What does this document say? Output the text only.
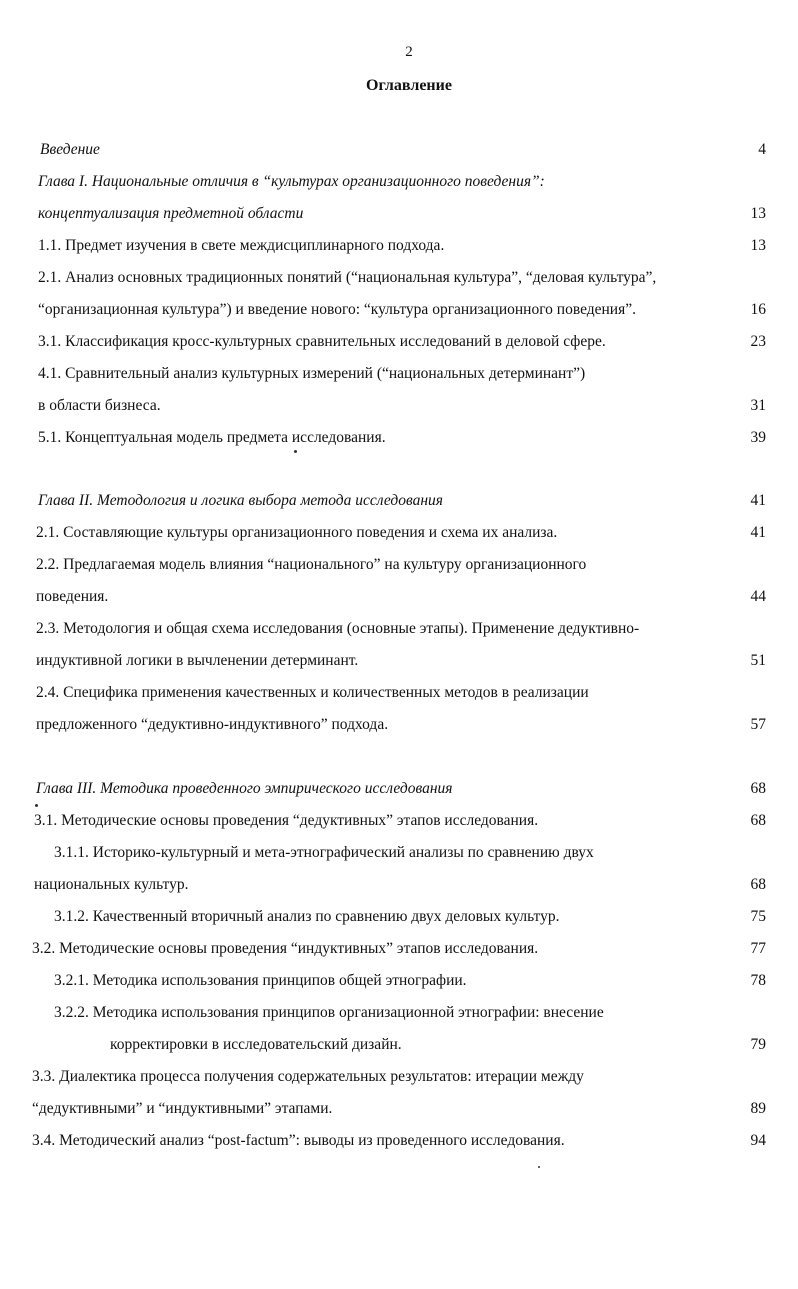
2
Оглавление
Введение	4
Глава I. Национальные отличия в “культурах организационного поведения”:
концептуализация предметной области	13
1.1. Предмет изучения в свете междисциплинарного подхода.	13
2.1. Анализ основных традиционных понятий (“национальная культура”, “деловая культура”,
“организационная культура”) и введение нового: “культура организационного поведения”.	16
3.1. Классификация кросс-культурных сравнительных исследований в деловой сфере.	23
4.1. Сравнительный анализ культурных измерений (“национальных детерминант”)
в области бизнеса.	31
5.1. Концептуальная модель предмета исследования.	39
Глава II. Методология и логика выбора метода исследования	41
2.1. Составляющие культуры организационного поведения и схема их анализа.	41
2.2. Предлагаемая модель влияния “национального” на культуру организационного
поведения.	44
2.3. Методология и общая схема исследования (основные этапы). Применение дедуктивно-
индуктивной логики в вычленении детерминант.	51
2.4. Специфика применения качественных и количественных методов в реализации
предложенного “дедуктивно-индуктивного” подхода.	57
Глава III. Методика проведенного эмпирического исследования	68
3.1. Методические основы проведения “дедуктивных” этапов исследования.	68
3.1.1. Историко-культурный и мета-этнографический анализы по сравнению двух
национальных культур.	68
3.1.2. Качественный вторичный анализ по сравнению двух деловых культур.	75
3.2. Методические основы проведения “индуктивных” этапов исследования.	77
3.2.1. Методика использования принципов общей этнографии.	78
3.2.2. Методика использования принципов организационной этнографии: внесение
корректировки в исследовательский дизайн.	79
3.3. Диалектика процесса получения содержательных результатов: итерации между
“дедуктивными” и “индуктивными” этапами.	89
3.4. Методический анализ “post-factum”: выводы из проведенного исследования.	94
